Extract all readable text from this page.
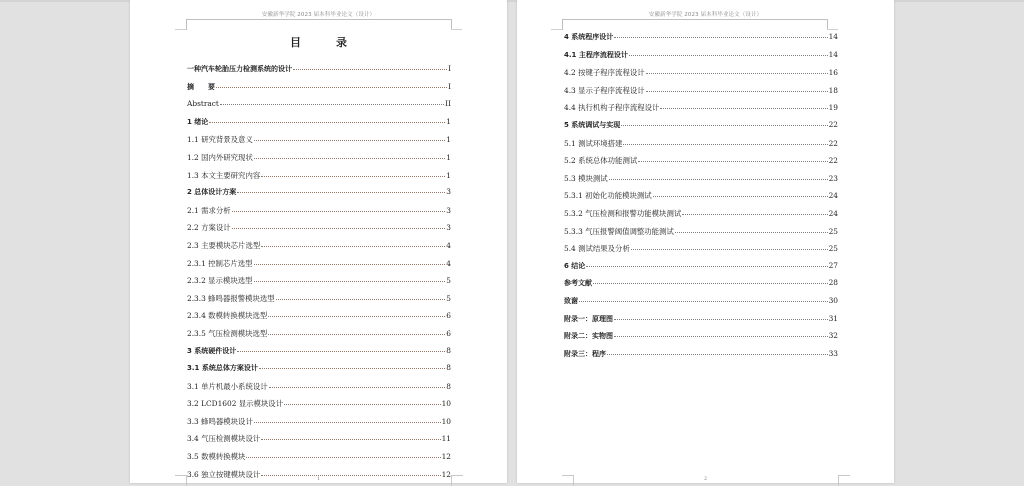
安徽新华学院 2023 届本科毕业论文（设计）
目　录
一种汽车轮胎压力检测系统的设计	I
摘　　要	I
Abstract	II
1 绪论	1
1.1 研究背景及意义	1
1.2 国内外研究现状	1
1.3 本文主要研究内容	1
2 总体设计方案	3
2.1 需求分析	3
2.2 方案设计	3
2.3 主要模块芯片选型	4
2.3.1 控制芯片选型	4
2.3.2 显示模块选型	5
2.3.3 蜂鸣器报警模块选型	5
2.3.4 数模转换模块选型	6
2.3.5 气压检测模块选型	6
3 系统硬件设计	8
3.1 系统总体方案设计	8
3.1 单片机最小系统设计	8
3.2 LCD1602 显示模块设计	10
3.3 蜂鸣器模块设计	10
3.4 气压检测模块设计	11
3.5 数模转换模块	12
3.6 独立按键模块设计	12
1
安徽新华学院 2023 届本科毕业论文（设计）
4 系统程序设计	14
4.1 主程序流程设计	14
4.2 按键子程序流程设计	16
4.3 显示子程序流程设计	18
4.4 执行机构子程序流程设计	19
5 系统调试与实现	22
5.1 测试环境搭建	22
5.2 系统总体功能测试	22
5.3 模块测试	23
5.3.1 初始化功能模块测试	24
5.3.2 气压检测和报警功能模块测试	24
5.3.3 气压报警阈值调整功能测试	25
5.4 测试结果及分析	25
6 结论	27
参考文献	28
致谢	30
附录一：原理图	31
附录二：实物图	32
附录三：程序	33
2
